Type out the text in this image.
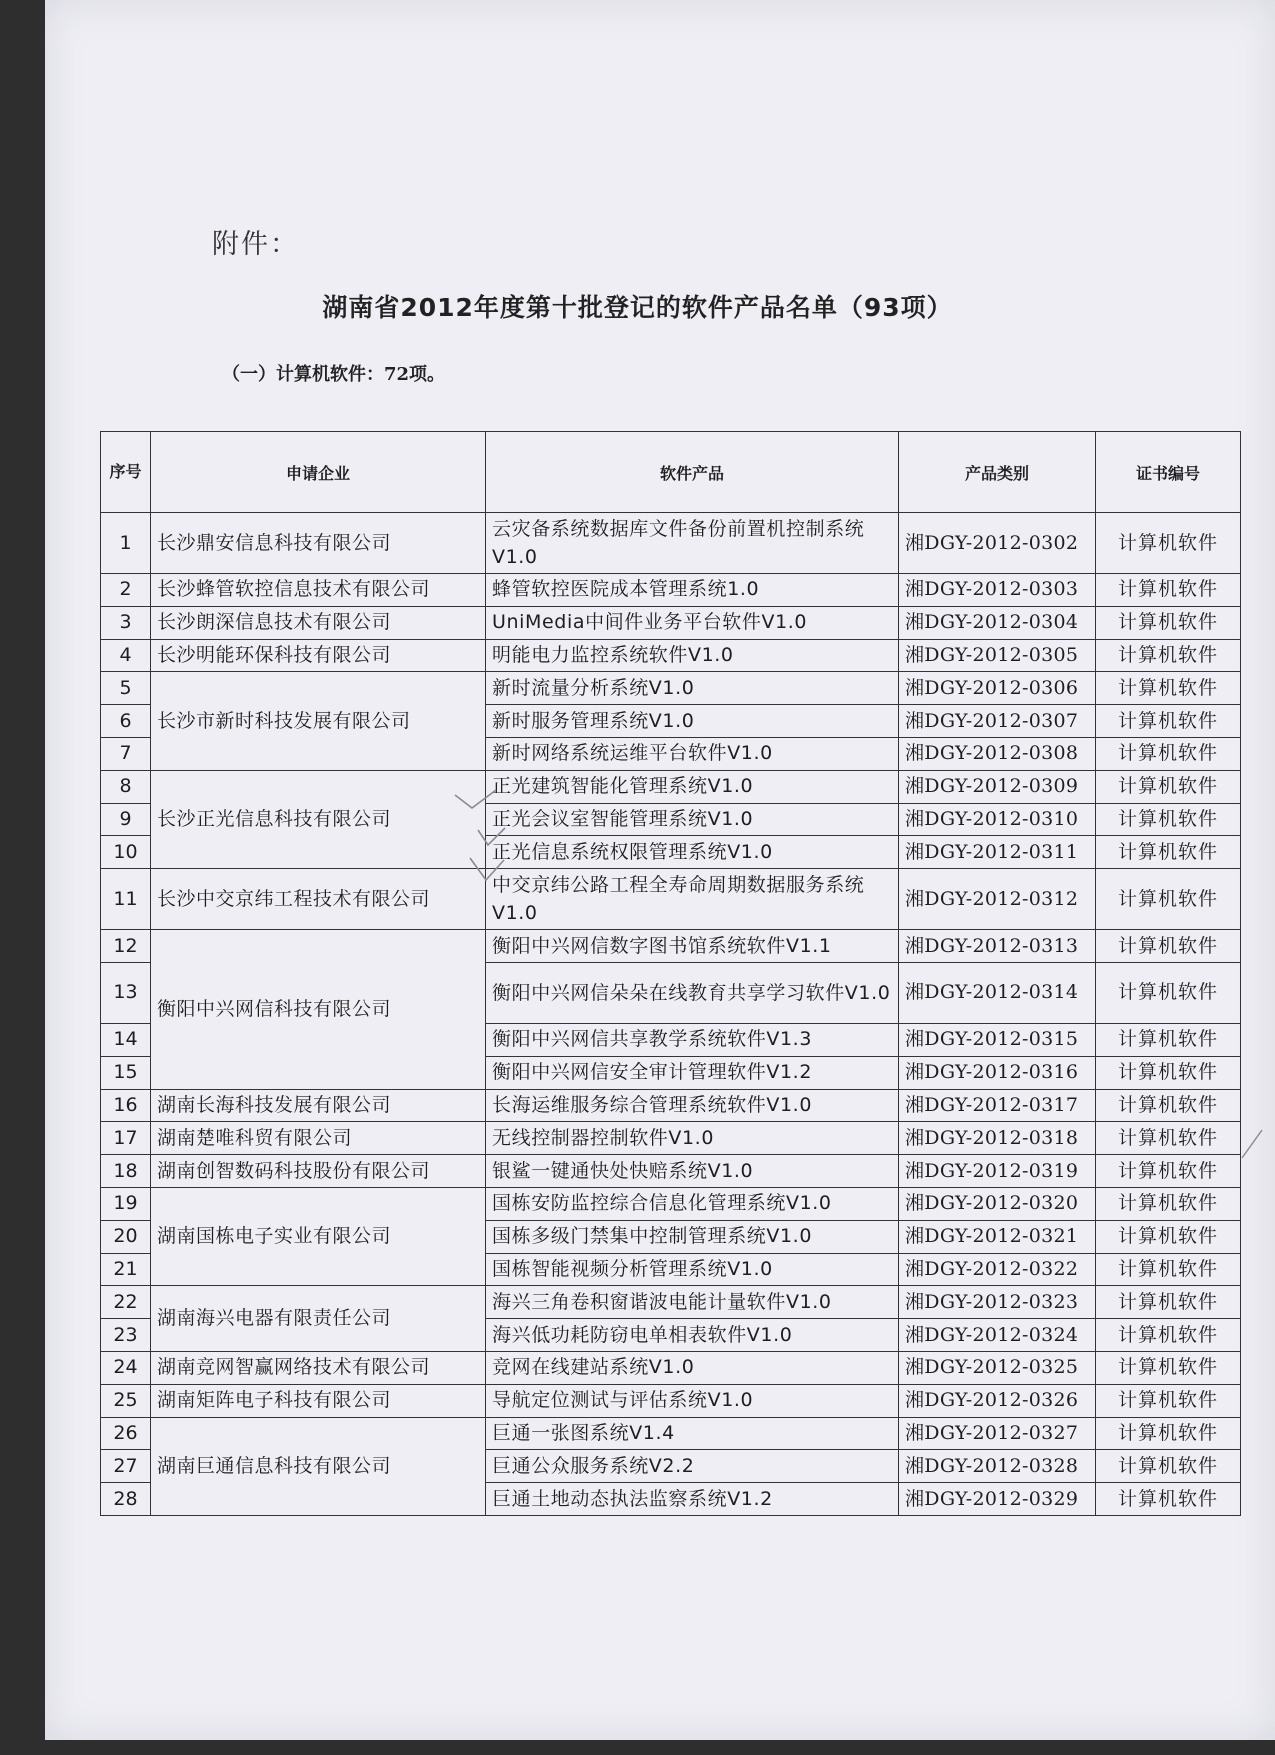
附件：
湖南省2012年度第十批登记的软件产品名单（93项）
（一）计算机软件：72项。
序号	申请企业	软件产品	产品类别	证书编号
1	长沙鼎安信息科技有限公司	云灾备系统数据库文件备份前置机控制系统V1.0	湘DGY-2012-0302	计算机软件
2	长沙蜂管软控信息技术有限公司	蜂管软控医院成本管理系统1.0	湘DGY-2012-0303	计算机软件
3	长沙朗深信息技术有限公司	UniMedia中间件业务平台软件V1.0	湘DGY-2012-0304	计算机软件
4	长沙明能环保科技有限公司	明能电力监控系统软件V1.0	湘DGY-2012-0305	计算机软件
5	长沙市新时科技发展有限公司	新时流量分析系统V1.0	湘DGY-2012-0306	计算机软件
6		新时服务管理系统V1.0	湘DGY-2012-0307	计算机软件
7		新时网络系统运维平台软件V1.0	湘DGY-2012-0308	计算机软件
8	长沙正光信息科技有限公司	正光建筑智能化管理系统V1.0	湘DGY-2012-0309	计算机软件
9		正光会议室智能管理系统V1.0	湘DGY-2012-0310	计算机软件
10		正光信息系统权限管理系统V1.0	湘DGY-2012-0311	计算机软件
11	长沙中交京纬工程技术有限公司	中交京纬公路工程全寿命周期数据服务系统V1.0	湘DGY-2012-0312	计算机软件
12	衡阳中兴网信科技有限公司	衡阳中兴网信数字图书馆系统软件V1.1	湘DGY-2012-0313	计算机软件
13		衡阳中兴网信朵朵在线教育共享学习软件V1.0	湘DGY-2012-0314	计算机软件
14		衡阳中兴网信共享教学系统软件V1.3	湘DGY-2012-0315	计算机软件
15		衡阳中兴网信安全审计管理软件V1.2	湘DGY-2012-0316	计算机软件
16	湖南长海科技发展有限公司	长海运维服务综合管理系统软件V1.0	湘DGY-2012-0317	计算机软件
17	湖南楚唯科贸有限公司	无线控制器控制软件V1.0	湘DGY-2012-0318	计算机软件
18	湖南创智数码科技股份有限公司	银鲨一键通快处快赔系统V1.0	湘DGY-2012-0319	计算机软件
19	湖南国栋电子实业有限公司	国栋安防监控综合信息化管理系统V1.0	湘DGY-2012-0320	计算机软件
20		国栋多级门禁集中控制管理系统V1.0	湘DGY-2012-0321	计算机软件
21		国栋智能视频分析管理系统V1.0	湘DGY-2012-0322	计算机软件
22	湖南海兴电器有限责任公司	海兴三角卷积窗谐波电能计量软件V1.0	湘DGY-2012-0323	计算机软件
23		海兴低功耗防窃电单相表软件V1.0	湘DGY-2012-0324	计算机软件
24	湖南竞网智赢网络技术有限公司	竞网在线建站系统V1.0	湘DGY-2012-0325	计算机软件
25	湖南矩阵电子科技有限公司	导航定位测试与评估系统V1.0	湘DGY-2012-0326	计算机软件
26	湖南巨通信息科技有限公司	巨通一张图系统V1.4	湘DGY-2012-0327	计算机软件
27		巨通公众服务系统V2.2	湘DGY-2012-0328	计算机软件
28		巨通土地动态执法监察系统V1.2	湘DGY-2012-0329	计算机软件
